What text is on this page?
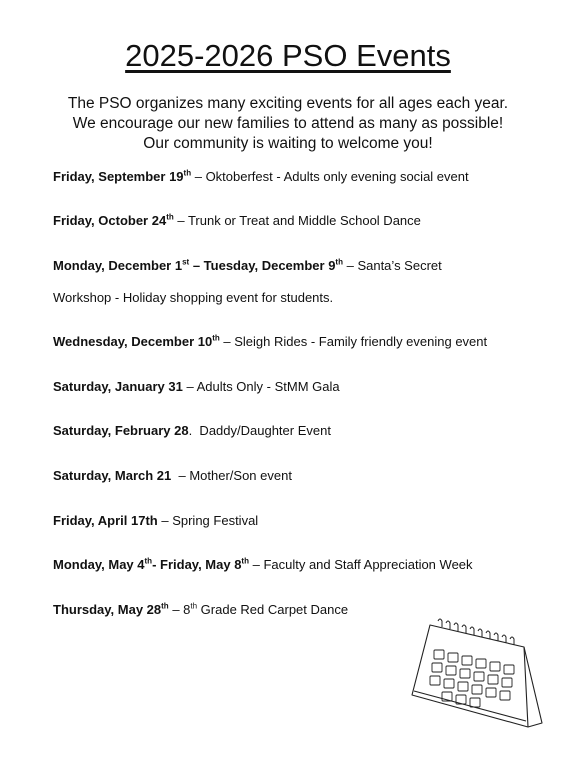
2025-2026 PSO Events
The PSO organizes many exciting events for all ages each year.
We encourage our new families to attend as many as possible!
Our community is waiting to welcome you!
Friday, September 19th – Oktoberfest - Adults only evening social event
Friday, October 24th – Trunk or Treat and Middle School Dance
Monday, December 1st – Tuesday, December 9th – Santa’s Secret
Workshop - Holiday shopping event for students.
Wednesday, December 10th – Sleigh Rides - Family friendly evening event
Saturday, January 31 – Adults Only - StMM Gala
Saturday, February 28.  Daddy/Daughter Event
Saturday, March 21  – Mother/Son event
Friday, April 17th – Spring Festival
Monday, May 4th- Friday, May 8th – Faculty and Staff Appreciation Week
Thursday, May 28th – 8th Grade Red Carpet Dance
